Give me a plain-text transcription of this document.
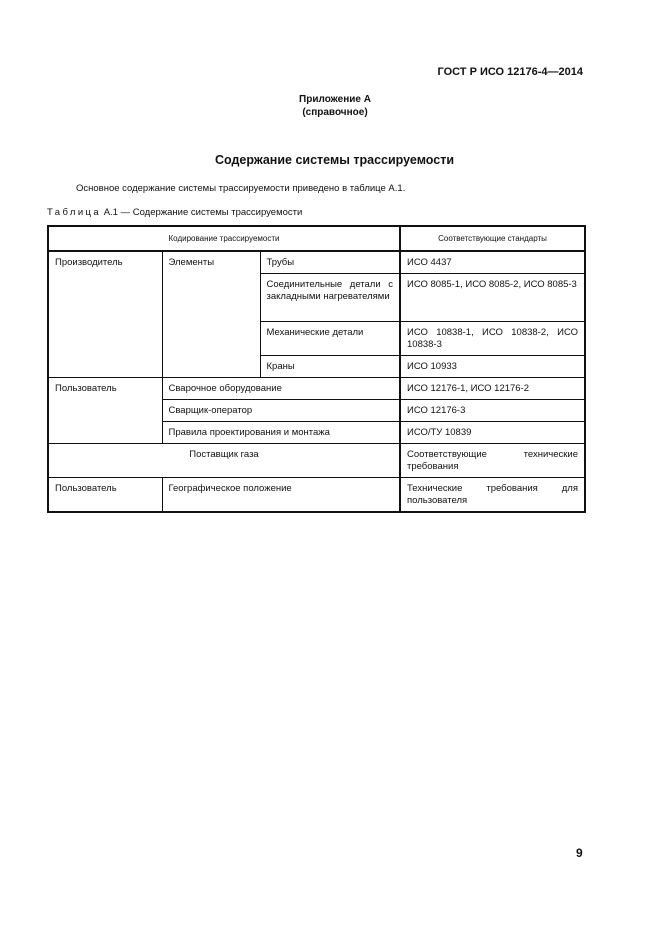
ГОСТ Р ИСО 12176-4—2014
Приложение А
(справочное)
Содержание системы трассируемости
Основное содержание системы трассируемости приведено в таблице А.1.
Таблица А.1 — Содержание системы трассируемости
Кодирование трассируемости			Соответствующие стандарты
Производитель	Элементы	Трубы	ИСО 4437
		Соединительные детали с закладными нагревателями	ИСО 8085-1, ИСО 8085-2, ИСО 8085-3
		Механические детали	ИСО 10838-1, ИСО 10838-2, ИСО 10838-3
		Краны	ИСО 10933
Пользователь	Сварочное оборудование		ИСО 12176-1, ИСО 12176-2
	Сварщик-оператор		ИСО 12176-3
	Правила проектирования и монтажа		ИСО/ТУ 10839
Поставщик газа			Соответствующие технические требования
Пользователь	Географическое положение		Технические требования для пользователя
9
